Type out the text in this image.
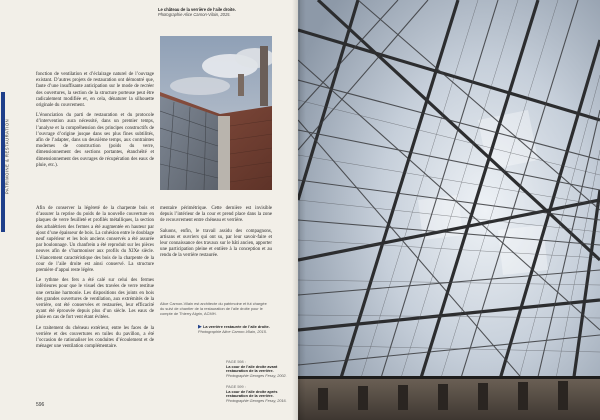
PATRIMOINE & RESTAURATION
Le château de la verrière de l’aile droite.
Photographie Alice Carnon-Vilain, 2015.

fonction de ventilation et d’éclairage naturel de l’ouvrage existant. D’autres projets de restauration ont démontré que, faute d’une insuffisante anticipation sur le mode de recréer des ouvertures, la section de la structure porteuse peut être radicalement modifiée et, en cela, dénaturer la silhouette originale du couvrement.

L’énonciation du parti de restauration et du protocole d’intervention aura nécessité, dans un premier temps, l’analyse et la compréhension des principes constructifs de l’ouvrage d’origine jusque dans ses plus fines subtilités, afin de l’adapter, dans un deuxième temps, aux contraintes modernes de construction (poids du verre, dimensionnement des sections portantes, étanchéité et dimensionnement des ouvrages de récupération des eaux de pluie, etc.).

Afin de conserver la légèreté de la charpente bois et d’assurer la reprise du poids de la nouvelle couverture en plaques de verre feuilleté et profilés métalliques, la section des arbalétriers des fermes a été augmentée en hauteur par ajout d’une épaisseur de bois. La cohésion entre le doublage neuf supérieur et les bois anciens conservés a été assurée par boulonnage. Un chanfrein a été reproduit sur les pièces neuves afin de s’harmoniser aux profils du XIXe siècle. L’élancement caractéristique des bois de la charpente de la cour de l’aile droite est ainsi conservé. La structure première d’appui reste légère.

Le rythme des fers a été calé sur celui des fermes inférieures pour que le visuel des travées de verre restitue une certaine harmonie. Les dispositions des joints en bois des grandes ouvertures de ventilation, aux extrémités de la verrière, ont été conservées et restaurées, leur efficacité ayant été éprouvée depuis plus d’un siècle. Les eaux de pluie en cas de fort vent étant évitées.

Le traitement du chéneau extérieur, entre les faces de la verrière et des couvertures en tuiles du pavillon, a été l’occasion de rationaliser les conduites d’écoulement et de ménager une ventilation complémentaire.

mentaire périmétrique. Cette dernière est invisible depuis l’intérieur de la cour et prend place dans la zone de recouvrement entre chéneau et verrière.

Saluons, enfin, le travail assidu des compagnons, artisans et ouvriers qui ont su, par leur savoir-faire et leur connaissance des travaux sur le bâti ancien, apporter une participation pleine et entière à la conception et au rendu de la verrière restaurée.

Alice Carnon-Vilain est architecte du patrimoine et fut chargée du suivi de chantier de la restauration de l’aile droite pour le compte de Thierry Algrin, ACMH.
▶ La verrière restaurée de l’aile droite.
Photographie Alice Carnon-Vilain, 2015.
PAGE 598 :
La cour de l’aile droite avant restauration de la verrière.
Photographie Georges Fessy, 2002.
PAGE 599 :
La cour de l’aile droite après restauration de la verrière.
Photographie Georges Fessy, 2016.
596
